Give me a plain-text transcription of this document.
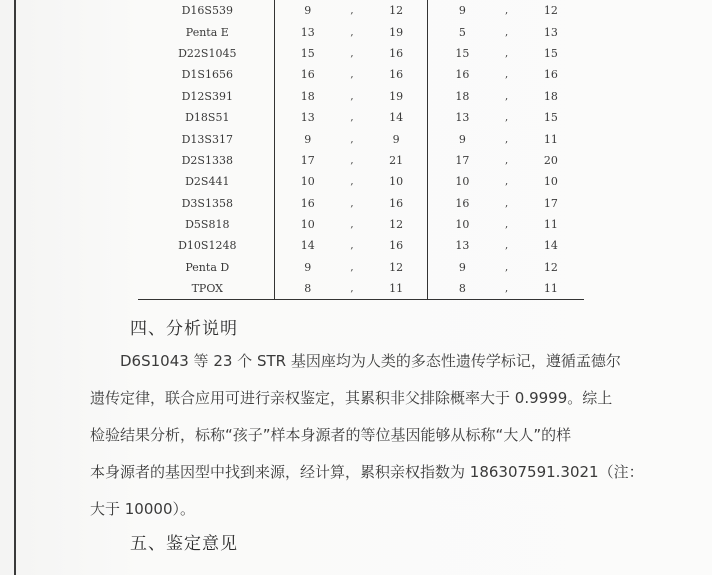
D16S539	9	,	12	9	,	12
Penta E	13	,	19	5	,	13
D22S1045	15	,	16	15	,	15
D1S1656	16	,	16	16	,	16
D12S391	18	,	19	18	,	18
D18S51	13	,	14	13	,	15
D13S317	9	,	9	9	,	11
D2S1338	17	,	21	17	,	20
D2S441	10	,	10	10	,	10
D3S1358	16	,	16	16	,	17
D5S818	10	,	12	10	,	11
D10S1248	14	,	16	13	,	14
Penta D	9	,	12	9	,	12
TPOX	8	,	11	8	,	11
四、分析说明
D6S1043 等 23 个 STR 基因座均为人类的多态性遗传学标记，遵循孟德尔
遗传定律，联合应用可进行亲权鉴定，其累积非父排除概率大于 0.9999。综上
检验结果分析，标称“孩子”样本身源者的等位基因能够从标称“大人”的样
本身源者的基因型中找到来源，经计算，累积亲权指数为 186307591.3021（注：
大于 10000）。
五、鉴定意见
